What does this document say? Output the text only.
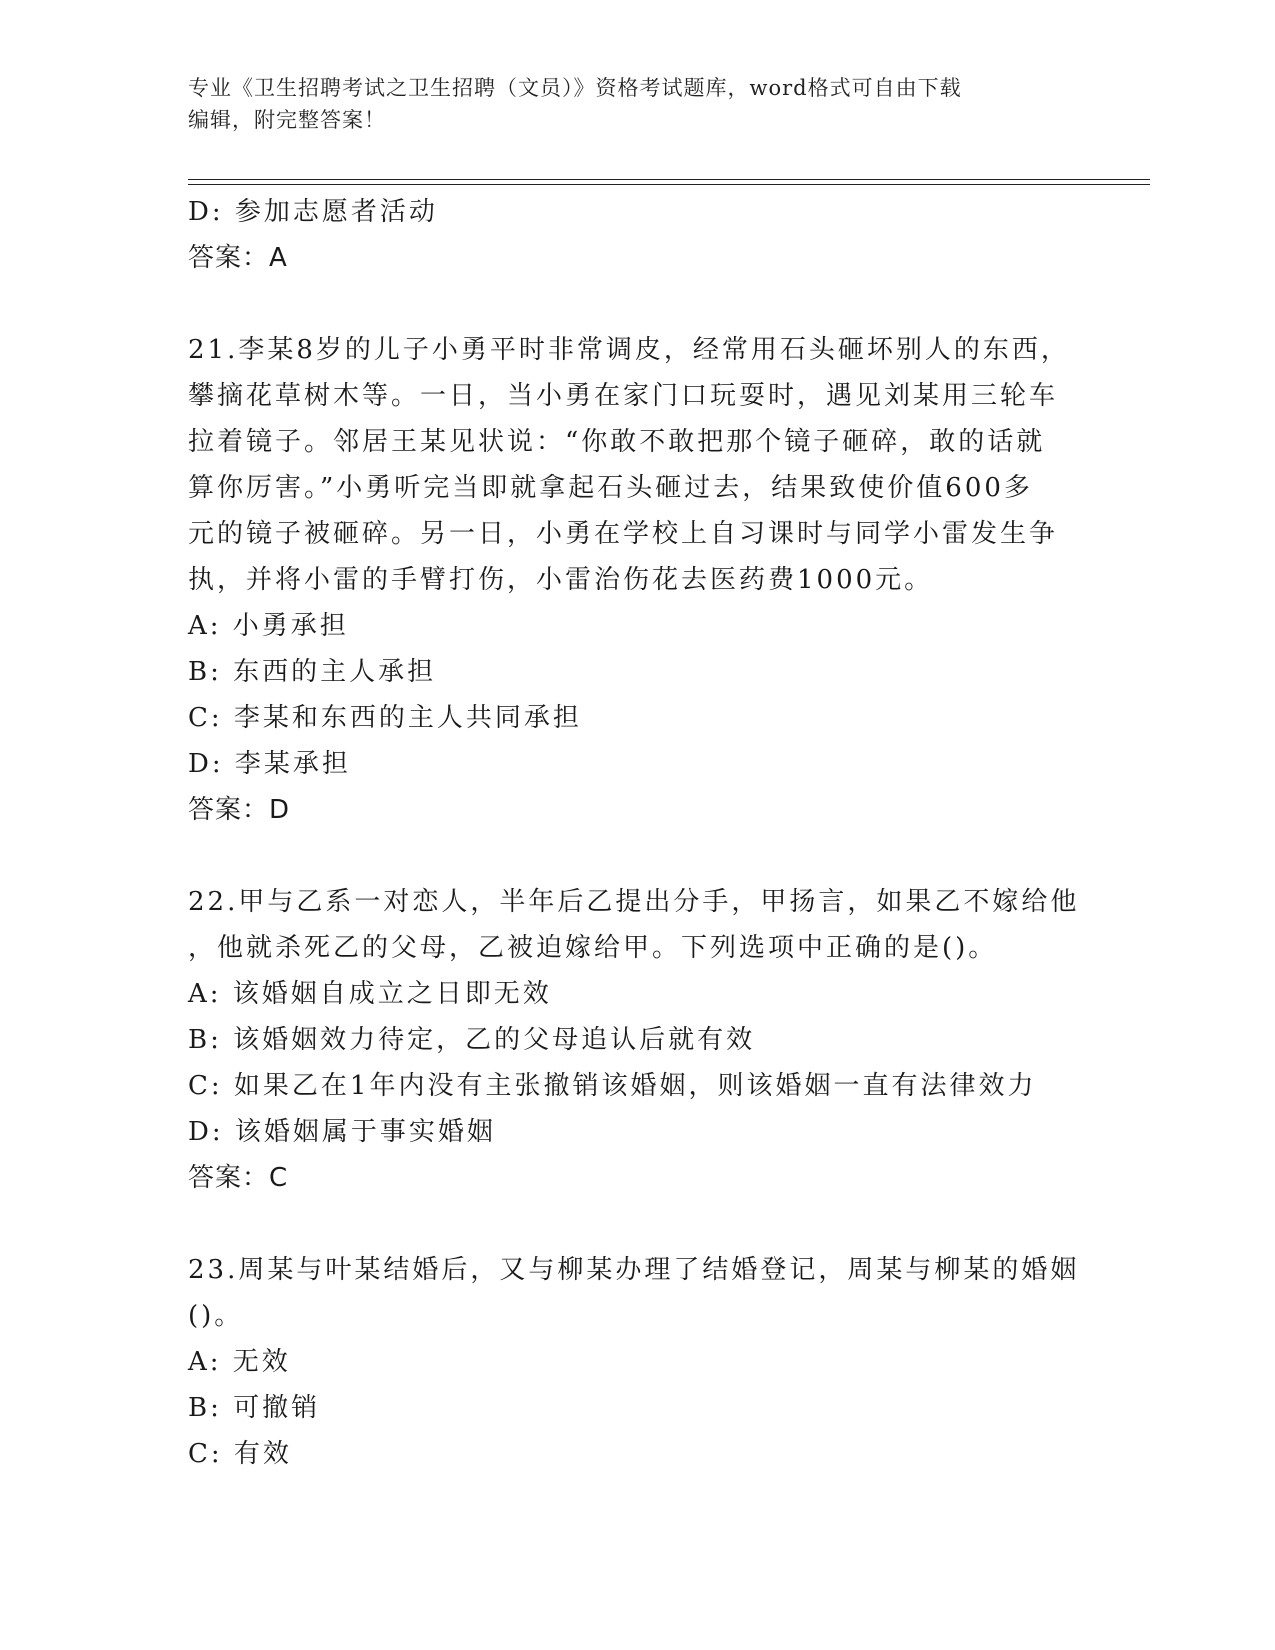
专业《卫生招聘考试之卫生招聘（文员）》资格考试题库，word格式可自由下载
编辑，附完整答案！
D: 参加志愿者活动
答案：A
21.李某8岁的儿子小勇平时非常调皮，经常用石头砸坏别人的东西，
攀摘花草树木等。一日，当小勇在家门口玩耍时，遇见刘某用三轮车
拉着镜子。邻居王某见状说：“你敢不敢把那个镜子砸碎，敢的话就
算你厉害。”小勇听完当即就拿起石头砸过去，结果致使价值600多
元的镜子被砸碎。另一日，小勇在学校上自习课时与同学小雷发生争
执，并将小雷的手臂打伤，小雷治伤花去医药费1000元。
A: 小勇承担
B: 东西的主人承担
C: 李某和东西的主人共同承担
D: 李某承担
答案：D
22.甲与乙系一对恋人，半年后乙提出分手，甲扬言，如果乙不嫁给他
，他就杀死乙的父母，乙被迫嫁给甲。下列选项中正确的是()。
A: 该婚姻自成立之日即无效
B: 该婚姻效力待定，乙的父母追认后就有效
C: 如果乙在1年内没有主张撤销该婚姻，则该婚姻一直有法律效力
D: 该婚姻属于事实婚姻
答案：C
23.周某与叶某结婚后，又与柳某办理了结婚登记，周某与柳某的婚姻
()。
A: 无效
B: 可撤销
C: 有效
